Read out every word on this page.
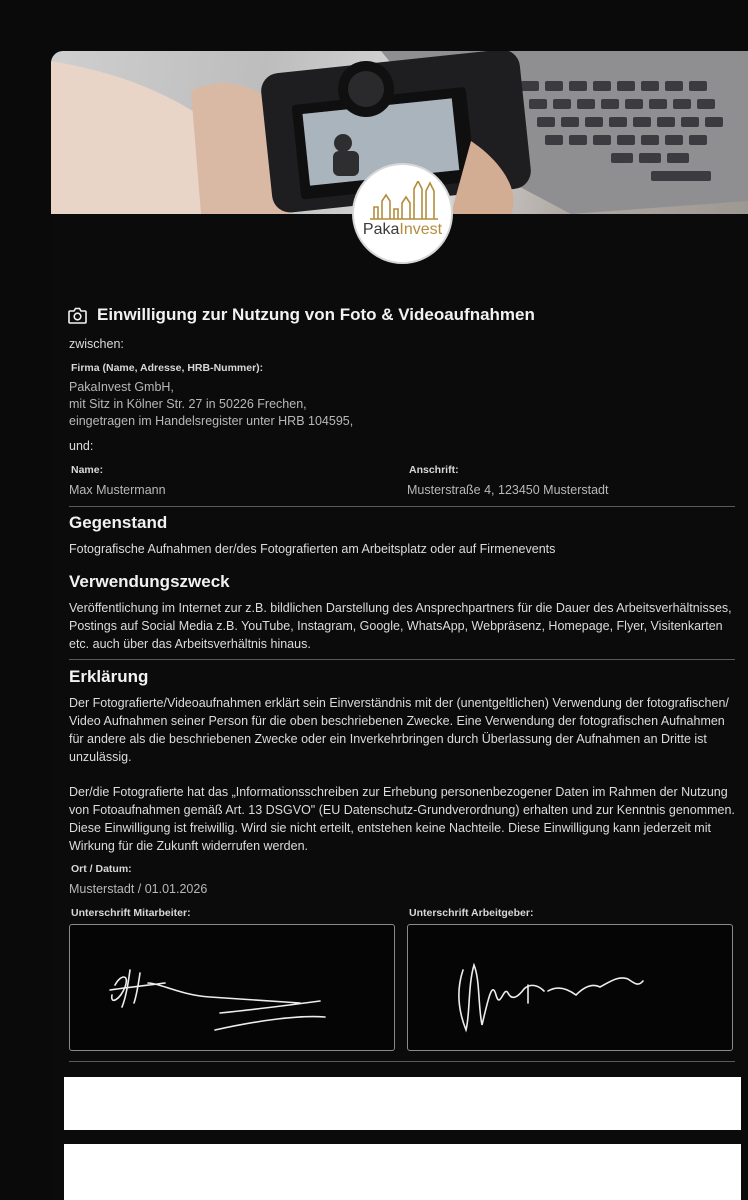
PakaInvest
Einwilligung zur Nutzung von Foto & Videoaufnahmen
zwischen:
Firma (Name, Adresse, HRB-Nummer):
PakaInvest GmbH,
mit Sitz in Kölner Str. 27 in 50226 Frechen,
eingetragen im Handelsregister unter HRB 104595,
und:
Name:
Max Mustermann
Anschrift:
Musterstraße 4, 123450 Musterstadt
Gegenstand
Fotografische Aufnahmen der/des Fotografierten am Arbeitsplatz oder auf Firmenevents
Verwendungszweck

Veröffentlichung im Internet zur z.B. bildlichen Darstellung des Ansprechpartners für die Dauer des Arbeitsverhältnisses, Postings auf Social Media z.B. YouTube, Instagram, Google, WhatsApp, Webpräsenz, Homepage, Flyer, Visitenkarten etc. auch über das Arbeitsverhältnis hinaus.

Erklärung

Der Fotografierte/Videoaufnahmen erklärt sein Einverständnis mit der (unentgeltlichen) Verwendung der fotografischen/ Video Aufnahmen seiner Person für die oben beschriebenen Zwecke. Eine Verwendung der fotografischen Aufnahmen für andere als die beschriebenen Zwecke oder ein Inverkehrbringen durch Überlassung der Aufnahmen an Dritte ist unzulässig.

Der/die Fotografierte hat das „Informationsschreiben zur Erhebung personenbezogener Daten im Rahmen der Nutzung von Fotoaufnahmen gemäß Art. 13 DSGVO" (EU Datenschutz-Grundverordnung) erhalten und zur Kenntnis genommen. Diese Einwilligung ist freiwillig. Wird sie nicht erteilt, entstehen keine Nachteile. Diese Einwilligung kann jederzeit mit Wirkung für die Zukunft widerrufen werden.

Ort / Datum:
Musterstadt / 01.01.2026
Unterschrift Mitarbeiter:	Unterschrift Arbeitgeber:
